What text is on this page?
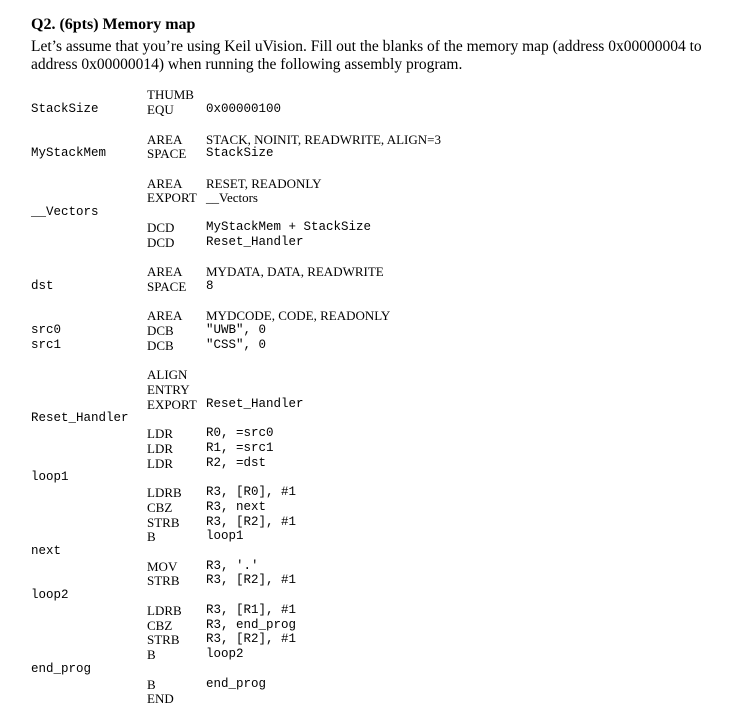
Q2. (6pts) Memory map
Let’s assume that you’re using Keil uVision. Fill out the blanks of the memory map (address 0x00000004 to address 0x00000014) when running the following assembly program.
StackSize
MyStackMem
__Vectors
dst
src0
src1
Reset_Handler
loop1
next
loop2
end_prog
THUMB
EQU
AREA
SPACE
AREA
EXPORT
DCD
DCD
AREA
SPACE
AREA
DCB
DCB
ALIGN
ENTRY
EXPORT
LDR
LDR
LDR
LDRB
CBZ
STRB
B
MOV
STRB
LDRB
CBZ
STRB
B
B
END
0x00000100
STACK, NOINIT, READWRITE, ALIGN=3
StackSize
RESET, READONLY
__Vectors
MyStackMem + StackSize
Reset_Handler
MYDATA, DATA, READWRITE
8
MYDCODE, CODE, READONLY
"UWB", 0
"CSS", 0
Reset_Handler
R0, =src0
R1, =src1
R2, =dst
R3, [R0], #1
R3, next
R3, [R2], #1
loop1
R3, '.'
R3, [R2], #1
R3, [R1], #1
R3, end_prog
R3, [R2], #1
loop2
end_prog
